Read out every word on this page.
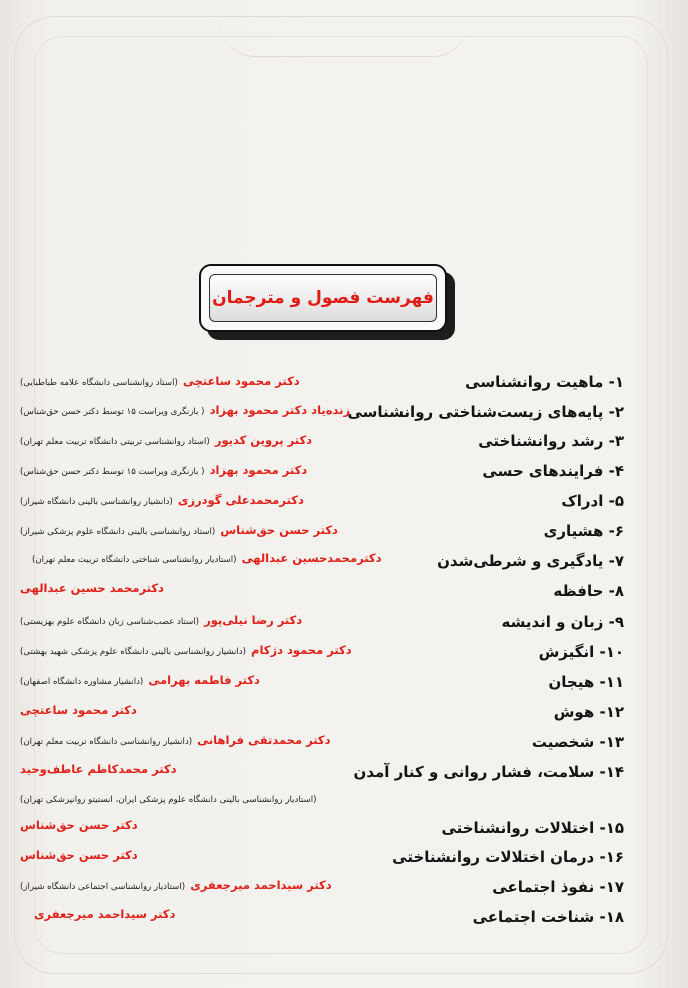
فهرست فصول و مترجمان
۱- ماهیت روانشناسی
۲- پایه‌های زیست‌شناختی روانشناسی
۳- رشد روانشناختی
۴- فرایندهای حسی
۵- ادراک
۶- هشیاری
۷- یادگیری و شرطی‌شدن
۸- حافظه
۹- زبان و اندیشه
۱۰- انگیزش
۱۱- هیجان
۱۲- هوش
۱۳- شخصیت
۱۴- سلامت، فشار روانی و کنار آمدن
۱۵- اختلالات روانشناختی
۱۶- درمان اختلالات روانشناختی
۱۷- نفوذ اجتماعی
۱۸- شناخت اجتماعی
دکتر محمود ساعتچی (استاد روانشناسی دانشگاه علامه طباطبایی)
زنده‌یاد دکتر محمود بهزاد ( بازنگری ویراست ۱۵ توسط دکتر حسن حق‌شناس)
دکتر پروین کدیور (استاد روانشناسی تربیتی دانشگاه تربیت معلم تهران)
دکتر محمود بهزاد ( بازنگری ویراست ۱۵ توسط دکتر حسن حق‌شناس)
دکترمحمدعلی گودرزی (دانشیار روانشناسی بالینی دانشگاه شیراز)
دکتر حسن حق‌شناس (استاد روانشناسی بالینی دانشگاه علوم پزشکی شیراز)
دکترمحمدحسین عبدالهی (استادیار روانشناسی شناختی دانشگاه تربیت معلم تهران)
دکترمحمد حسین عبدالهی
دکتر رضا نیلی‌پور (استاد عصب‌شناسی زبان دانشگاه علوم بهزیستی)
دکتر محمود دژکام (دانشیار روانشناسی بالینی دانشگاه علوم پزشکی شهید بهشتی)
دکتر فاطمه بهرامی (دانشیار مشاوره دانشگاه اصفهان)
دکتر محمود ساعتچی
دکتر محمدتقی فراهانی (دانشیار روانشناسی دانشگاه تربیت معلم تهران)
دکتر محمدکاظم عاطف‌وحید
(استادیار روانشناسی بالینی دانشگاه علوم پزشکی ایران، انستیتو روانپزشکی تهران)
دکتر حسن حق‌شناس
دکتر حسن حق‌شناس
دکتر سیداحمد میرجعفری (استادیار روانشناسی اجتماعی دانشگاه شیراز)
دکتر سیداحمد میرجعفری
